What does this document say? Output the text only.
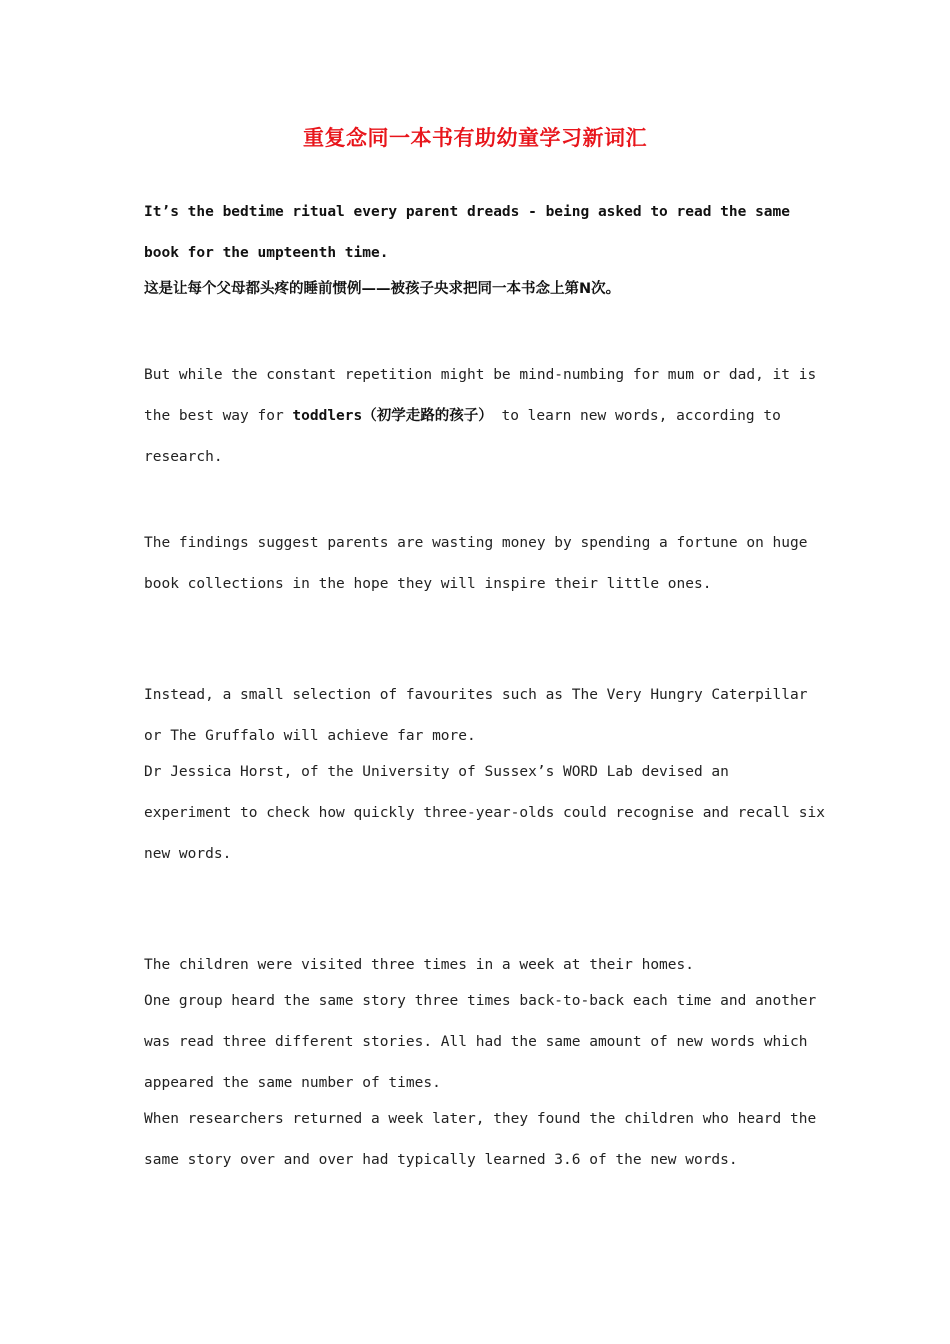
重复念同一本书有助幼童学习新词汇
It’s the bedtime ritual every parent dreads - being asked to read the same
book for the umpteenth time.
这是让每个父母都头疼的睡前惯例——被孩子央求把同一本书念上第N次。
But while the constant repetition might be mind-numbing for mum or dad, it is
the best way for toddlers（初学走路的孩子） to learn new words, according to
research.
The findings suggest parents are wasting money by spending a fortune on huge
book collections in the hope they will inspire their little ones.
Instead, a small selection of favourites such as The Very Hungry Caterpillar
or The Gruffalo will achieve far more.
Dr Jessica Horst, of the University of Sussex’s WORD Lab devised an
experiment to check how quickly three-year-olds could recognise and recall six
new words.
The children were visited three times in a week at their homes.
One group heard the same story three times back-to-back each time and another
was read three different stories. All had the same amount of new words which
appeared the same number of times.
When researchers returned a week later, they found the children who heard the
same story over and over had typically learned 3.6 of the new words.
